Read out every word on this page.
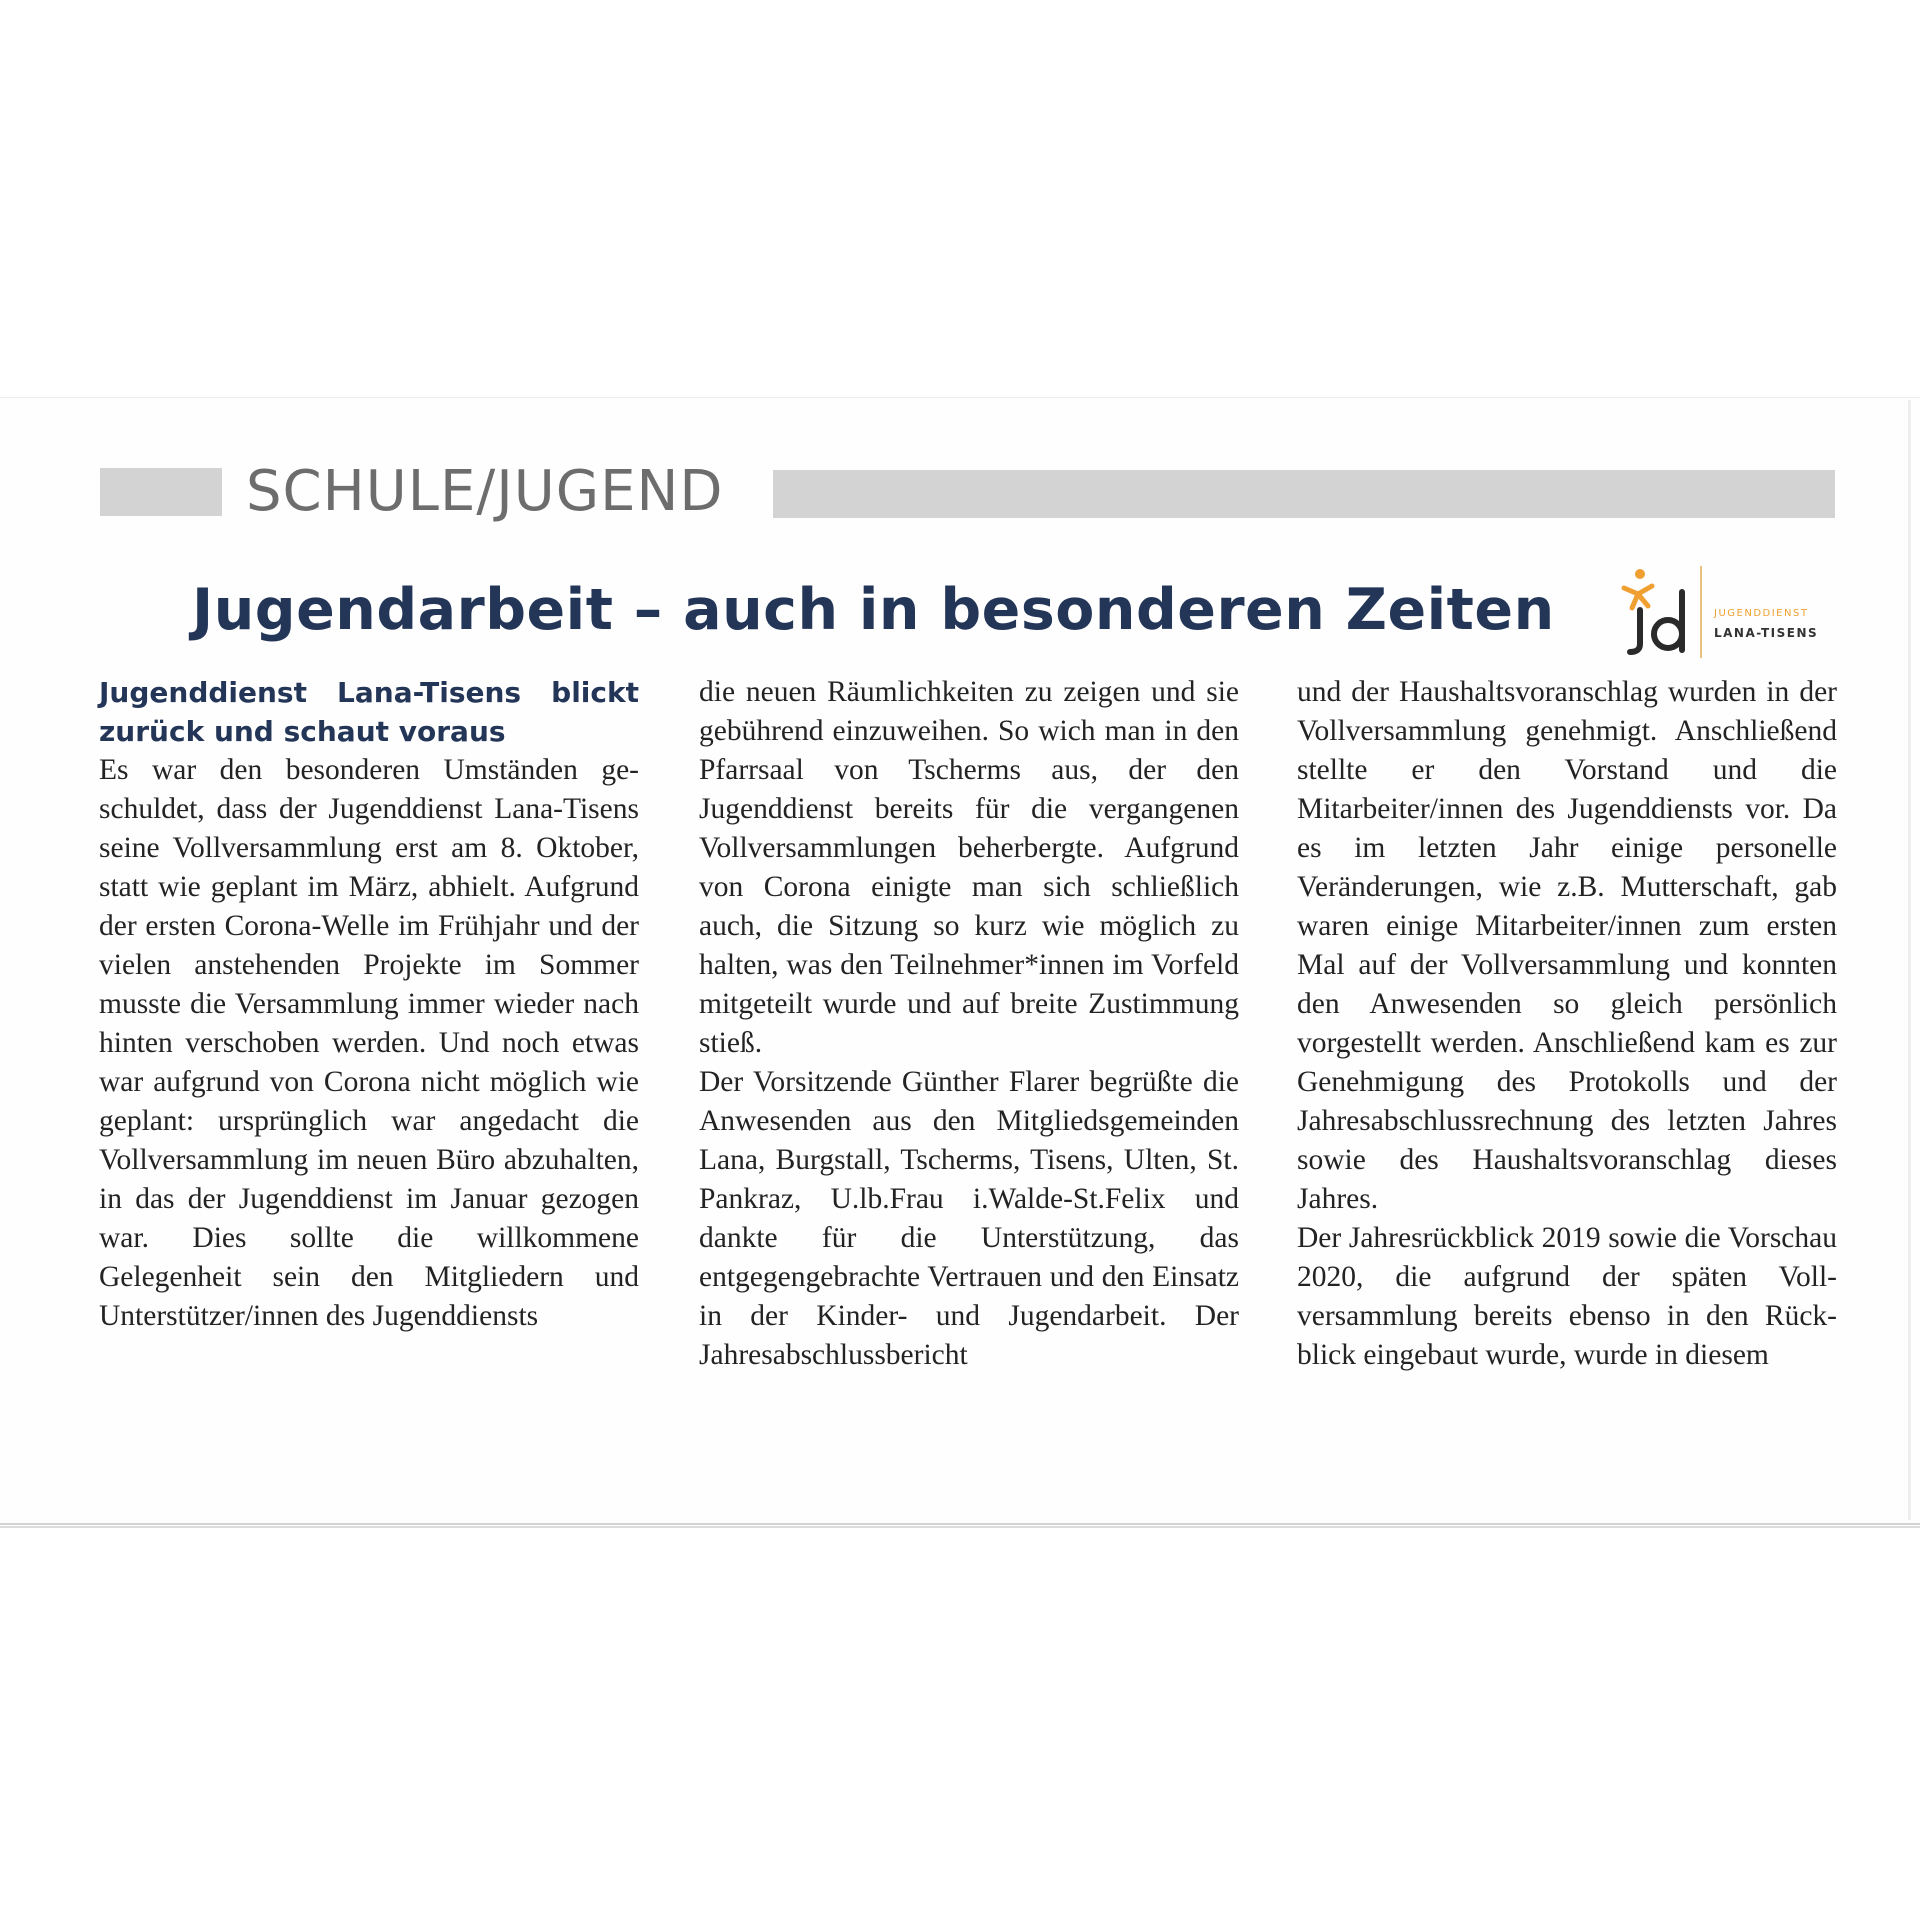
SCHULE/JUGEND
Jugendarbeit – auch in besonderen Zeiten	JUGENDDIENST
LANA-TISENS
Jugenddienst Lana-Tisens blickt zurück und schaut voraus

Es war den besonderen Umständen geschuldet, dass der Jugenddienst Lana-Tisens seine Vollversammlung erst am 8. Oktober, statt wie geplant im März, abhielt. Aufgrund der ersten Corona-Welle im Frühjahr und der vielen anstehenden Projekte im Sommer musste die Versammlung immer wieder nach hinten verschoben werden. Und noch etwas war aufgrund von Corona nicht möglich wie geplant: ursprünglich war angedacht die Vollversammlung im neuen Büro abzuhalten, in das der Jugenddienst im Januar gezogen war. Dies sollte die willkommene Gelegenheit sein den Mitgliedern und Unterstützer/innen des Jugenddiensts

die neuen Räumlichkeiten zu zeigen und sie gebührend einzuweihen. So wich man in den Pfarrsaal von Tscherms aus, der den Jugenddienst bereits für die vergangenen Vollversammlungen beherbergte. Aufgrund von Corona einigte man sich schließlich auch, die Sitzung so kurz wie möglich zu halten, was den Teilnehmer*innen im Vorfeld mitgeteilt wurde und auf breite Zustimmung stieß.

Der Vorsitzende Günther Flarer begrüßte die Anwesenden aus den Mitgliedsgemeinden Lana, Burgstall, Tscherms, Tisens, Ulten, St. Pankraz, U.lb.Frau i.Walde-St.Felix und dankte für die Unterstützung, das entgegengebrachte Vertrauen und den Einsatz in der Kinder- und Jugendarbeit. Der Jahresabschlussbericht

und der Haushaltsvoranschlag wurden in der Vollversammlung genehmigt. Anschließend stellte er den Vorstand und die Mitarbeiter/innen des Jugenddiensts vor. Da es im letzten Jahr einige personelle Veränderungen, wie z.B. Mutterschaft, gab waren einige Mitarbeiter/innen zum ersten Mal auf der Vollversammlung und konnten den Anwesenden so gleich persönlich vorgestellt werden. Anschließend kam es zur Genehmigung des Protokolls und der Jahresabschlussrechnung des letzten Jahres sowie des Haushaltsvoranschlag dieses Jahres.

Der Jahresrückblick 2019 sowie die Vorschau 2020, die aufgrund der späten Vollversammlung bereits ebenso in den Rückblick eingebaut wurde, wurde in diesem
